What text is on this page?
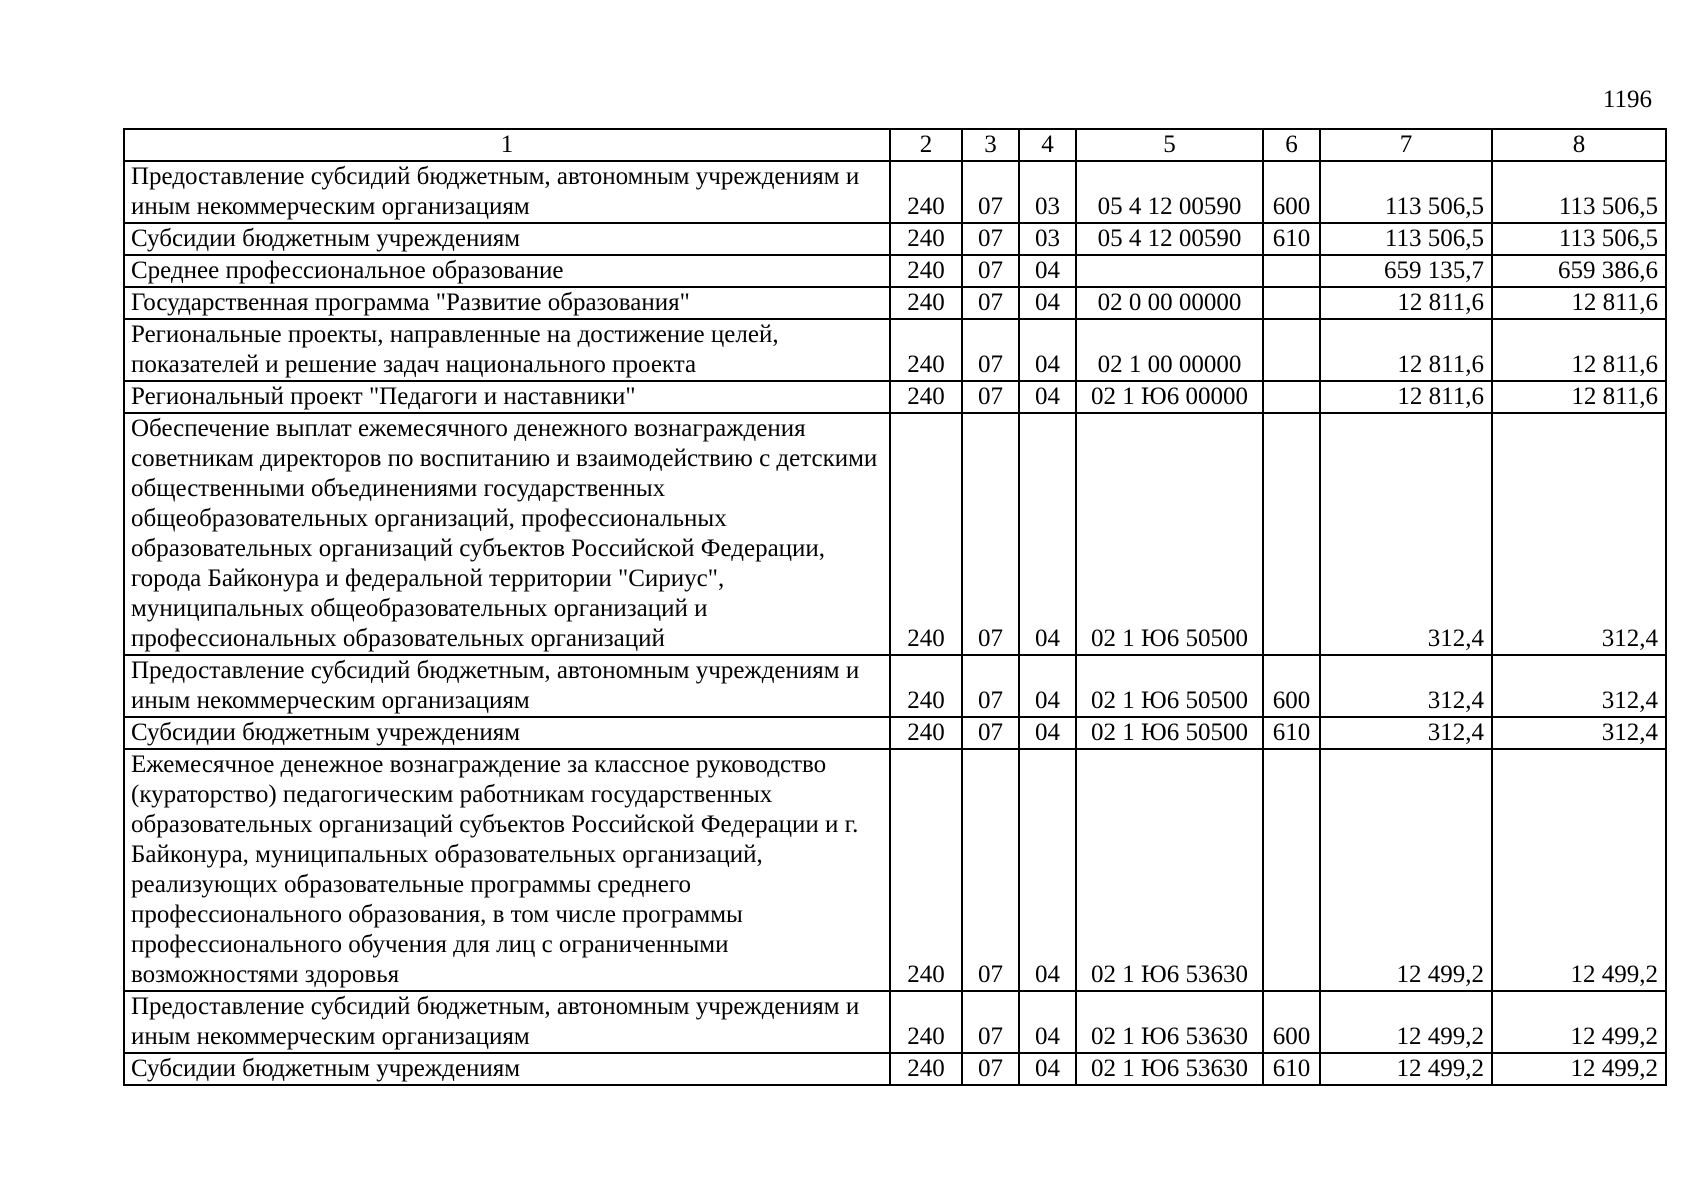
1196
1	2	3	4	5	6	7	8
Предоставление субсидий бюджетным, автономным учреждениям и иным некоммерческим организациям	240	07	03	05 4 12 00590	600	113 506,5	113 506,5
Субсидии бюджетным учреждениям	240	07	03	05 4 12 00590	610	113 506,5	113 506,5
Среднее профессиональное образование	240	07	04			659 135,7	659 386,6
Государственная программа "Развитие образования"	240	07	04	02 0 00 00000		12 811,6	12 811,6
Региональные проекты, направленные на достижение целей, показателей и решение задач национального проекта	240	07	04	02 1 00 00000		12 811,6	12 811,6
Региональный проект "Педагоги и наставники"	240	07	04	02 1 Ю6 00000		12 811,6	12 811,6
Обеспечение выплат ежемесячного денежного вознаграждения советникам директоров по воспитанию и взаимодействию с детскими общественными объединениями государственных общеобразовательных организаций, профессиональных образовательных организаций субъектов Российской Федерации, города Байконура и федеральной территории "Сириус", муниципальных общеобразовательных организаций и профессиональных образовательных организаций	240	07	04	02 1 Ю6 50500		312,4	312,4
Предоставление субсидий бюджетным, автономным учреждениям и иным некоммерческим организациям	240	07	04	02 1 Ю6 50500	600	312,4	312,4
Субсидии бюджетным учреждениям	240	07	04	02 1 Ю6 50500	610	312,4	312,4
Ежемесячное денежное вознаграждение за классное руководство (кураторство) педагогическим работникам государственных образовательных организаций субъектов Российской Федерации и г. Байконура, муниципальных образовательных организаций, реализующих образовательные программы среднего профессионального образования, в том числе программы профессионального обучения для лиц с ограниченными возможностями здоровья	240	07	04	02 1 Ю6 53630		12 499,2	12 499,2
Предоставление субсидий бюджетным, автономным учреждениям и иным некоммерческим организациям	240	07	04	02 1 Ю6 53630	600	12 499,2	12 499,2
Субсидии бюджетным учреждениям	240	07	04	02 1 Ю6 53630	610	12 499,2	12 499,2
